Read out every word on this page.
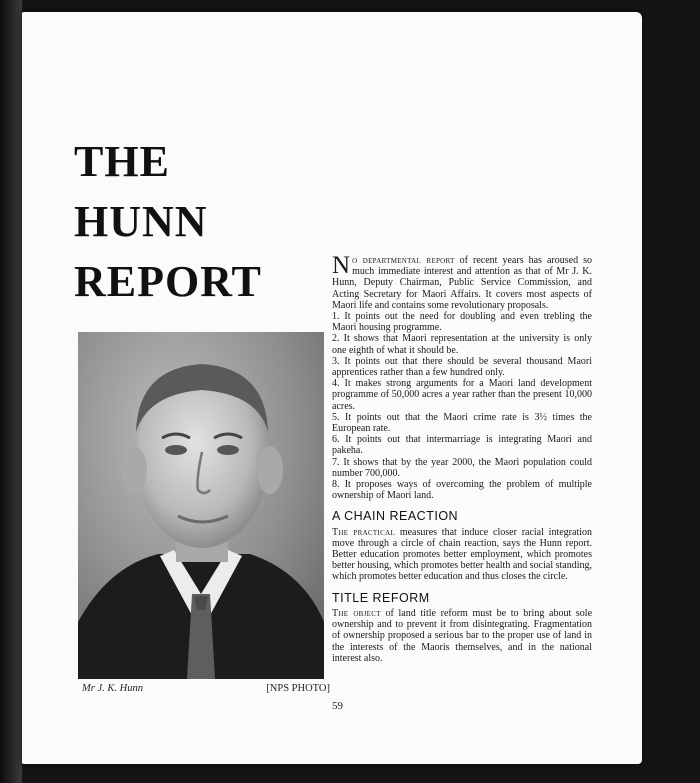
THE
HUNN
REPORT
Mr J. K. Hunn	[NPS PHOTO]

No departmental report of recent years has aroused so much immediate interest and attention as that of Mr J. K. Hunn, Deputy Chairman, Public Service Commission, and Acting Secretary for Maori Affairs. It covers most aspects of Maori life and contains some revolutionary proposals.

1. It points out the need for doubling and even trebling the Maori housing programme.
2. It shows that Maori representation at the university is only one eighth of what it should be.
3. It points out that there should be several thousand Maori apprentices rather than a few hundred only.
4. It makes strong arguments for a Maori land development programme of 50,000 acres a year rather than the present 10,000 acres.
5. It points out that the Maori crime rate is 3½ times the European rate.
6. It points out that intermarriage is integrating Maori and pakeha.
7. It shows that by the year 2000, the Maori population could number 700,000.
8. It proposes ways of overcoming the problem of multiple ownership of Maori land.
A CHAIN REACTION

The practical measures that induce closer racial integration move through a circle of chain reaction, says the Hunn report. Better education promotes better employment, which promotes better housing, which promotes better health and social standing, which promotes better education and thus closes the circle.

TITLE REFORM

The object of land title reform must be to bring about sole ownership and to prevent it from disintegrating. Fragmentation of ownership proposed a serious bar to the proper use of land in the interests of the Maoris themselves, and in the national interest also.

59
